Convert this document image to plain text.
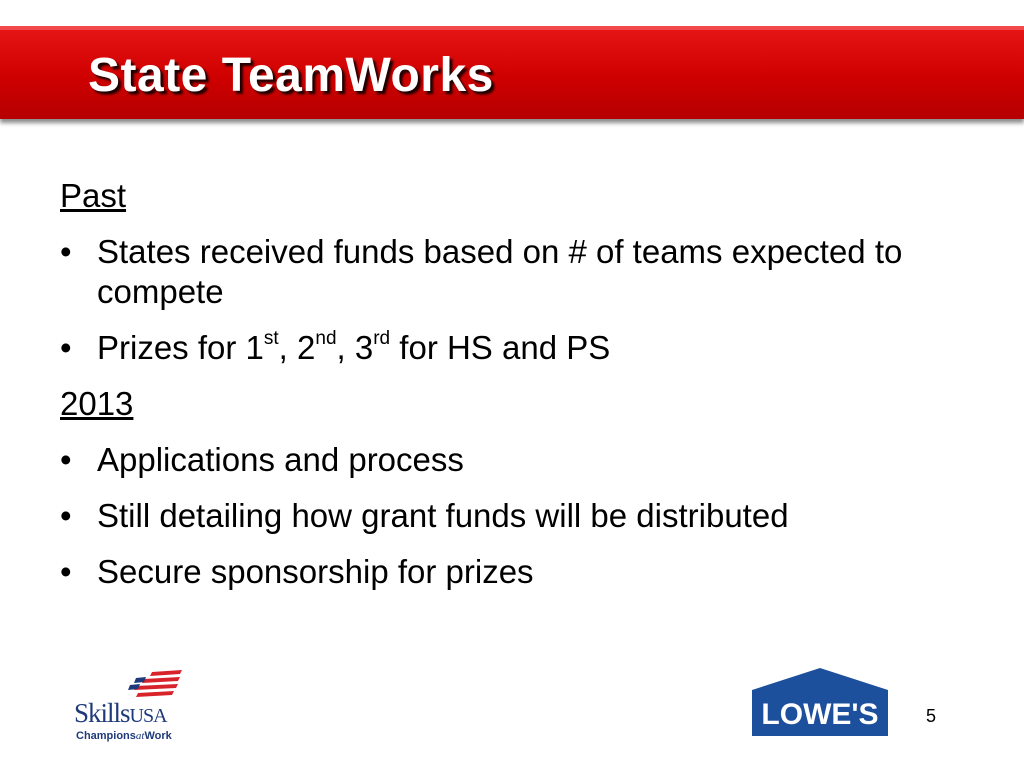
State TeamWorks
Past
• States received funds based on # of teams expected to compete
• Prizes for 1st, 2nd, 3rd for HS and PS
2013
• Applications and process
• Still detailing how grant funds will be distributed
• Secure sponsorship for prizes
SkillsUSA
ChampionsatWork
LOWE'S	5
